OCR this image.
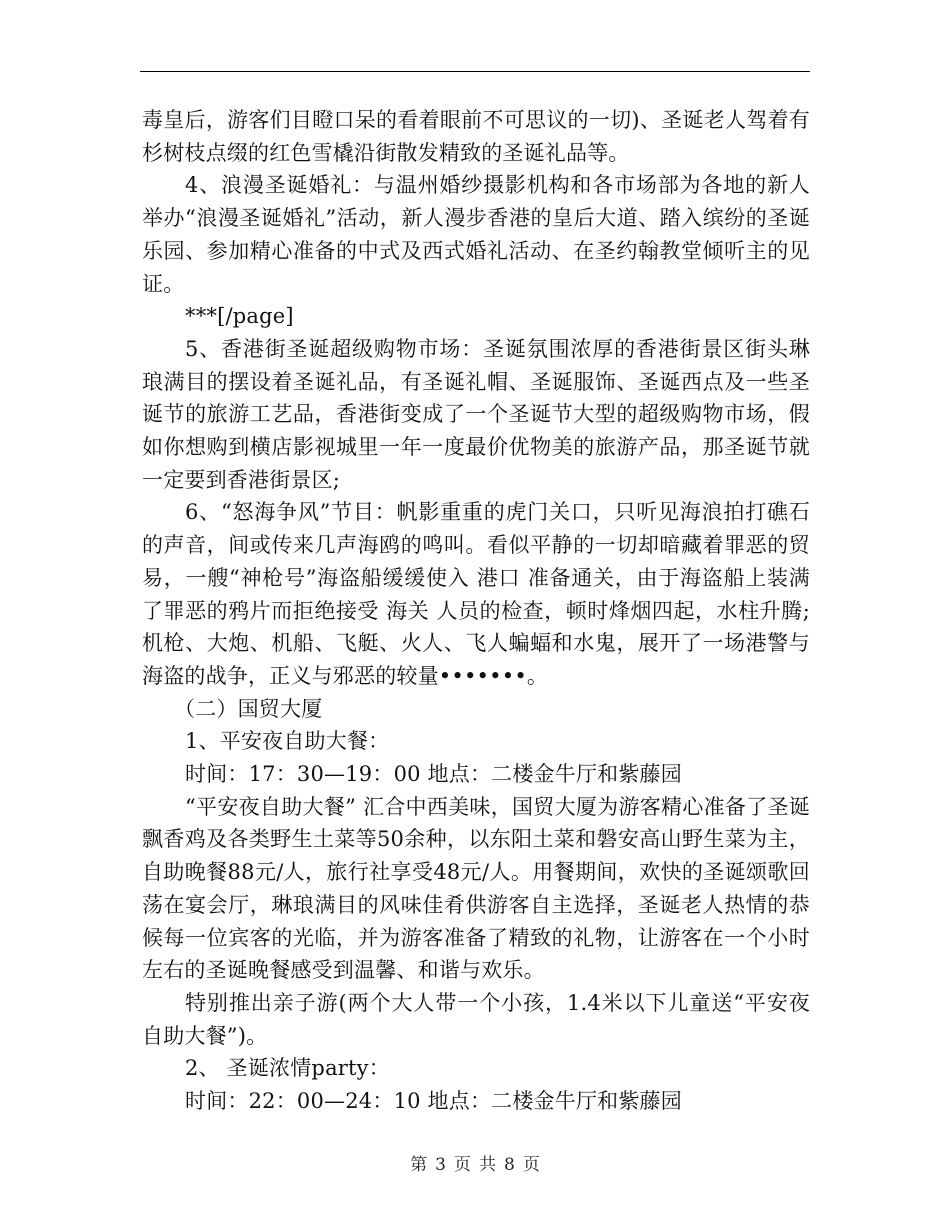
毒皇后，游客们目瞪口呆的看着眼前不可思议的一切)、圣诞老人驾着有杉树枝点缀的红色雪橇沿街散发精致的圣诞礼品等。

4、浪漫圣诞婚礼：与温州婚纱摄影机构和各市场部为各地的新人举办“浪漫圣诞婚礼”活动，新人漫步香港的皇后大道、踏入缤纷的圣诞乐园、参加精心准备的中式及西式婚礼活动、在圣约翰教堂倾听主的见证。

***[/page]

5、香港街圣诞超级购物市场：圣诞氛围浓厚的香港街景区街头琳琅满目的摆设着圣诞礼品，有圣诞礼帽、圣诞服饰、圣诞西点及一些圣诞节的旅游工艺品，香港街变成了一个圣诞节大型的超级购物市场，假如你想购到横店影视城里一年一度最价优物美的旅游产品，那圣诞节就一定要到香港街景区;

6、“怒海争风”节目：帆影重重的虎门关口，只听见海浪拍打礁石的声音，间或传来几声海鸥的鸣叫。看似平静的一切却暗藏着罪恶的贸易，一艘“神枪号”海盗船缓缓使入 港口 准备通关，由于海盗船上装满了罪恶的鸦片而拒绝接受 海关 人员的检查，顿时烽烟四起，水柱升腾;机枪、大炮、机船、飞艇、火人、飞人蝙蝠和水鬼，展开了一场港警与海盗的战争，正义与邪恶的较量•••••••。

（二）国贸大厦

1、平安夜自助大餐：

时间：17：30—19：00 地点：二楼金牛厅和紫藤园

“平安夜自助大餐” 汇合中西美味，国贸大厦为游客精心准备了圣诞飘香鸡及各类野生土菜等50余种，以东阳土菜和磐安高山野生菜为主，自助晚餐88元/人，旅行社享受48元/人。用餐期间，欢快的圣诞颂歌回荡在宴会厅，琳琅满目的风味佳肴供游客自主选择，圣诞老人热情的恭候每一位宾客的光临，并为游客准备了精致的礼物，让游客在一个小时左右的圣诞晚餐感受到温馨、和谐与欢乐。

特别推出亲子游(两个大人带一个小孩，1.4米以下儿童送“平安夜自助大餐”)。

2、 圣诞浓情party：

时间：22：00—24：10 地点：二楼金牛厅和紫藤园

第 3 页 共 8 页
